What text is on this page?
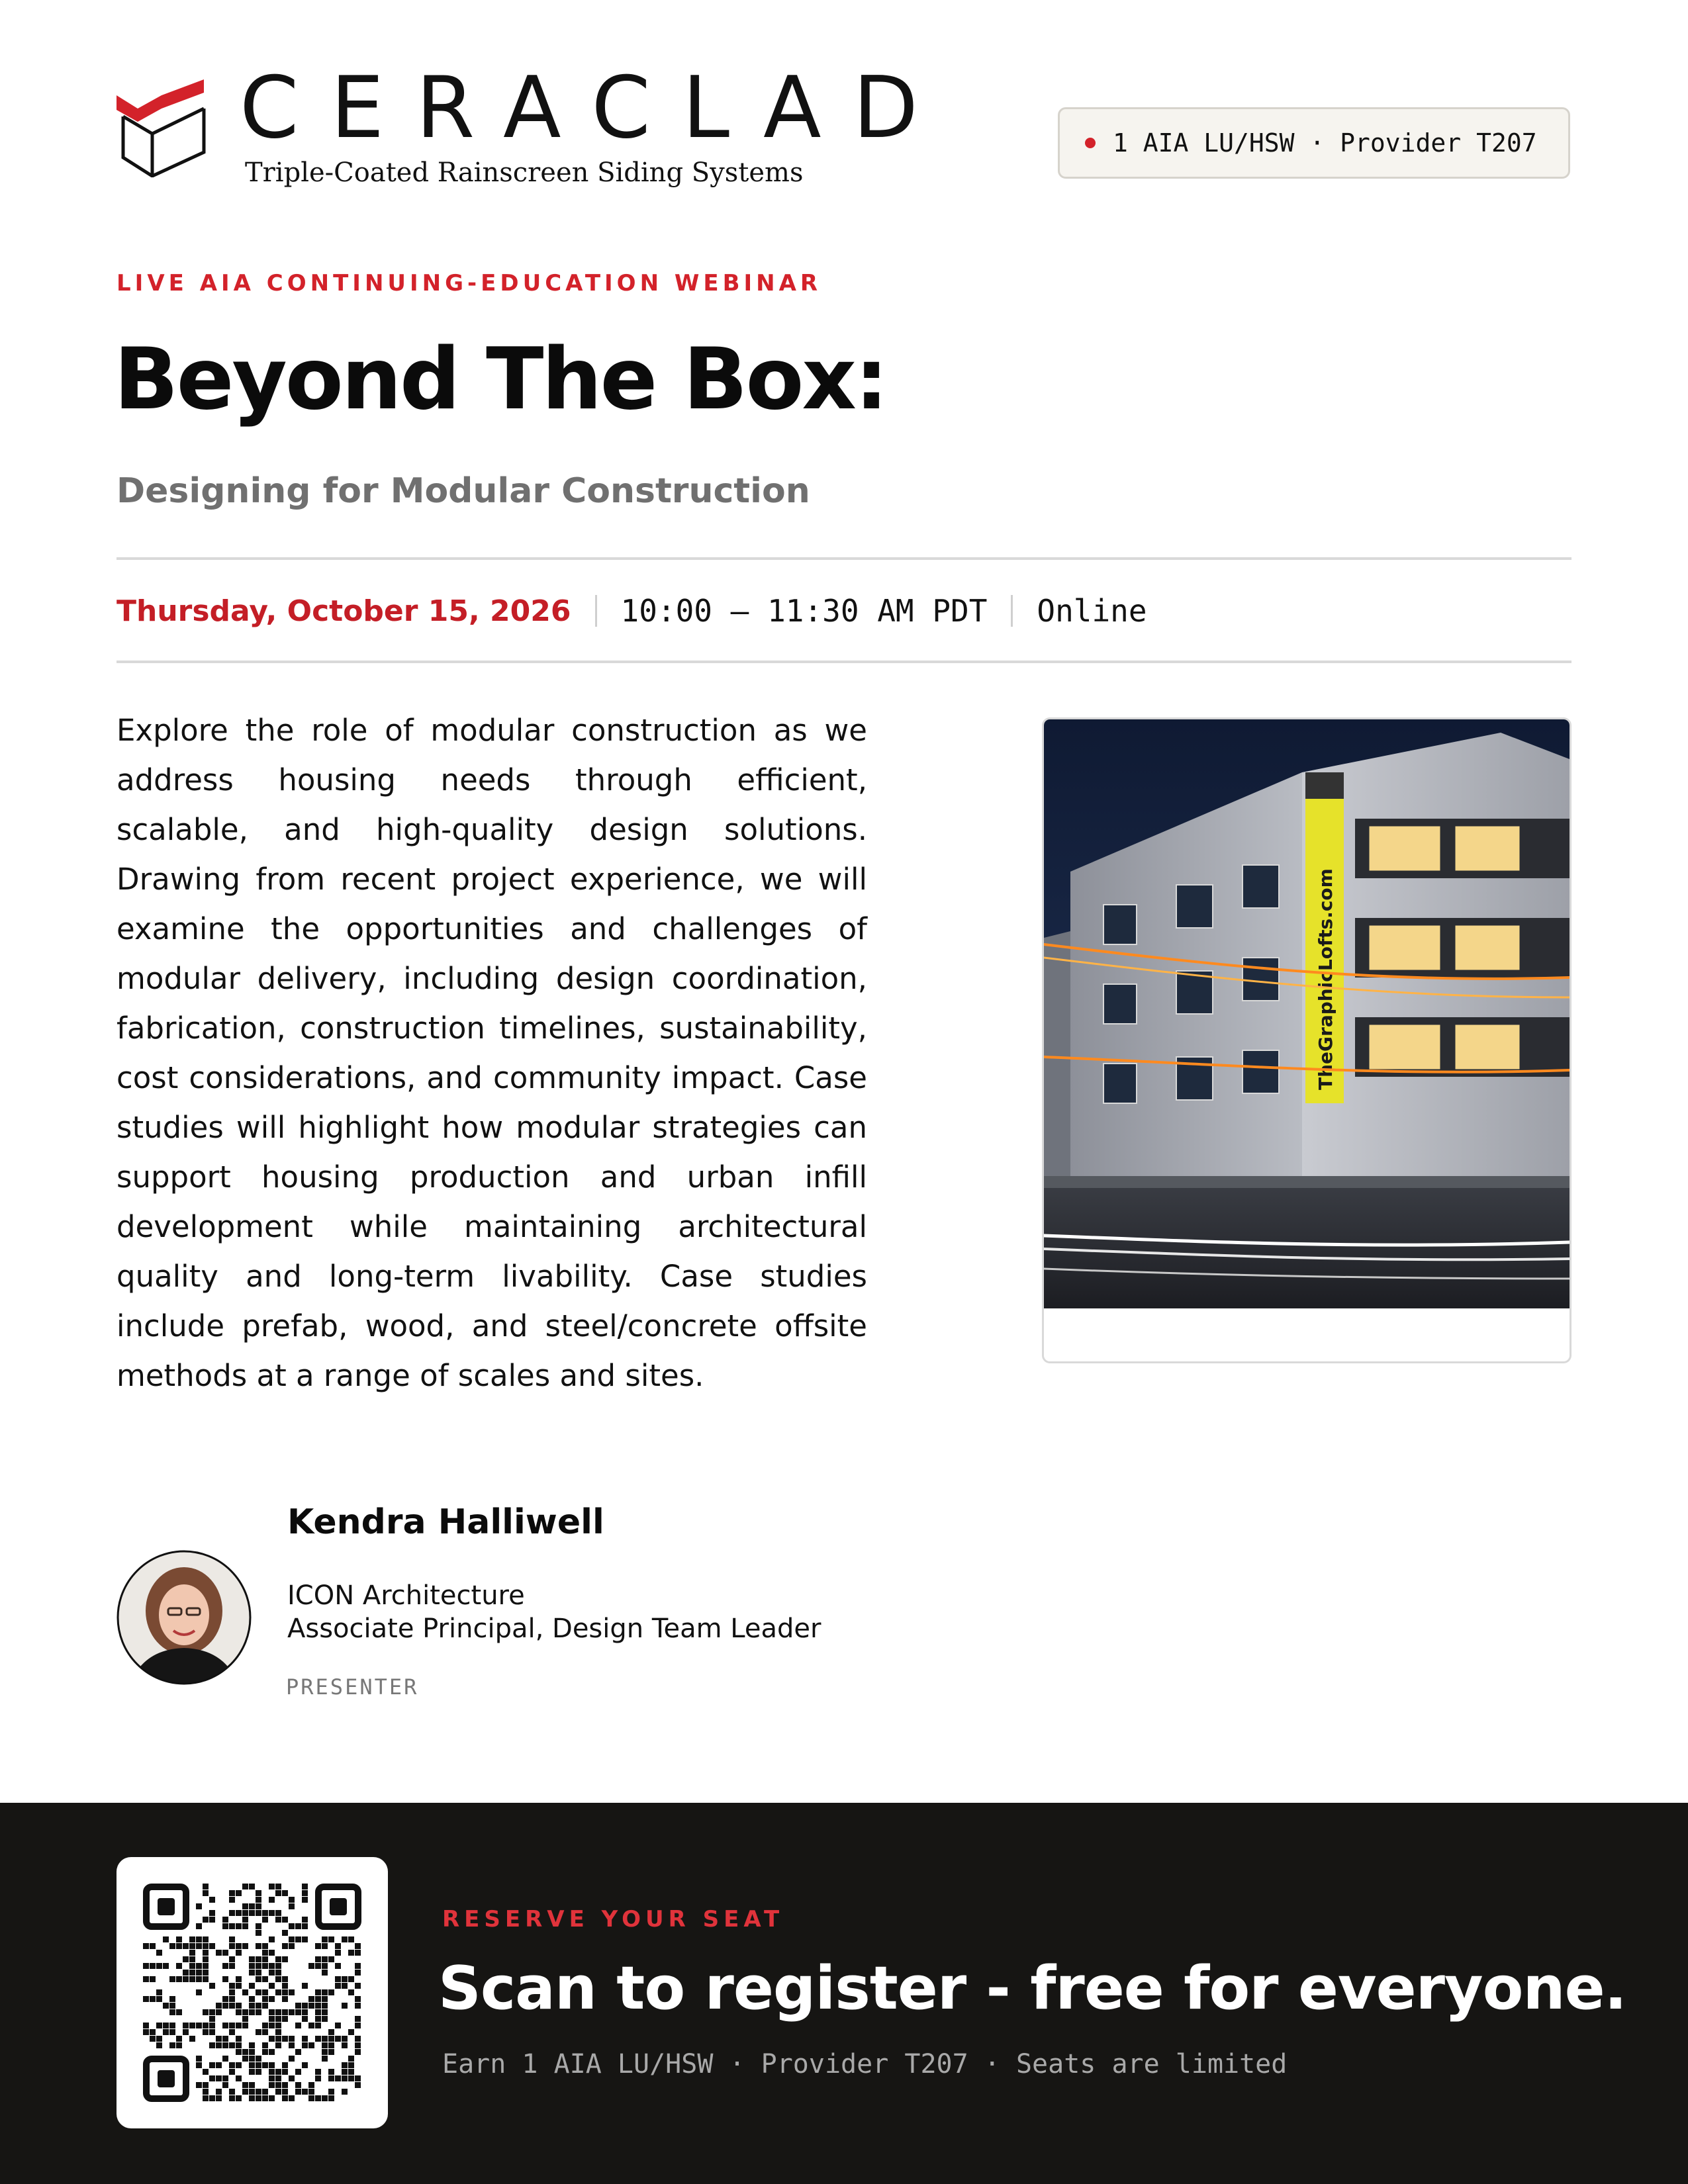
CERACLAD
Triple-Coated Rainscreen Siding Systems
1 AIA LU/HSW · Provider T207
LIVE AIA CONTINUING-EDUCATION WEBINAR
Beyond The Box:
Designing for Modular Construction
Thursday, October 15, 2026 10:00 – 11:30 AM PDT Online

Explore the role of modular construction as we address housing needs through efficient, scalable, and high-quality design solutions. Drawing from recent project experience, we will examine the opportunities and challenges of modular delivery, including design coordination, fabrication, construction timelines, sustainability, cost considerations, and community impact. Case studies will highlight how modular strategies can support housing production and urban infill development while maintaining architectural quality and long-term livability. Case studies include prefab, wood, and steel/concrete offsite methods at a range of scales and sites.

TheGraphicLofts.com
Kendra Halliwell
ICON Architecture
Associate Principal, Design Team Leader
PRESENTER
RESERVE YOUR SEAT
Scan to register - free for everyone.
Earn 1 AIA LU/HSW · Provider T207 · Seats are limited
